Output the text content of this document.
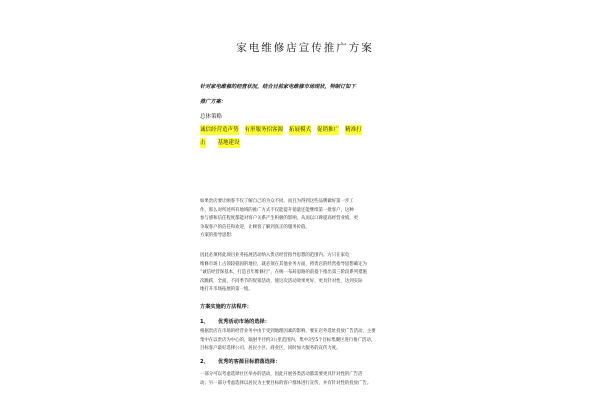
家电维修店宣传推广方案
针对家电维修的经营状况，结合目前家电维修市场现状，特制订如下
推广方案：
总体策略
诚信经营造声势 有形服务招客源 拓展模式 促销推广 精准打
击 基地建设
如果贵店要让顾客不仅了解自己的为众不同，而且为得到这些品牌做好第一步工
作，那么对所述所有地域的推广方式不仅能提升销量还能继续第一批客户，这种
参与感和信任程度都能对客户关系产生积极的影响，从而以口碑提高经营业绩，更
争取客户的信任和欢迎，让顾客了解到真正的服务价值。
方案的指导思想：
因此必须将此项目业务拓展活动纳入贵店经营指导思想的范围内。方只在家电
维修市场上占领较稳固的地位，就必须在其他业务方面，将贵店的经营指导思想确定为
“诚信经营保基本，打造百年维修行”，在统一布局思路的前提下推出第三阶段系列措施
次跳跃，全面、不同季节的促销活动，使这次活动效果更好、更具针对性，达到实际
地打开市场拓展的第一炮。
方案实施的方法程序：
1、 优秀活动市场的选择：
根据贵店在市场的经营业务中由于受到地理因素的影响，要在店外选址投放广告活动，主要
集中在以贵店为中心的、辐射半径约3公里范围内，集中3至5个目标集聚区进行推广活动，
目标客户最好选择公司、居民小区、商业区，同时加大服务的宣传力度。
2、 优秀的客源目标群落选择：
一部分可以考虑选择社区举办的活动，因此开展各类活动都需要更具针对性的广告活
动；另一部分考虑选择以居民为主要目标的客户群体进行宣传，并有针对性的投放广告。
